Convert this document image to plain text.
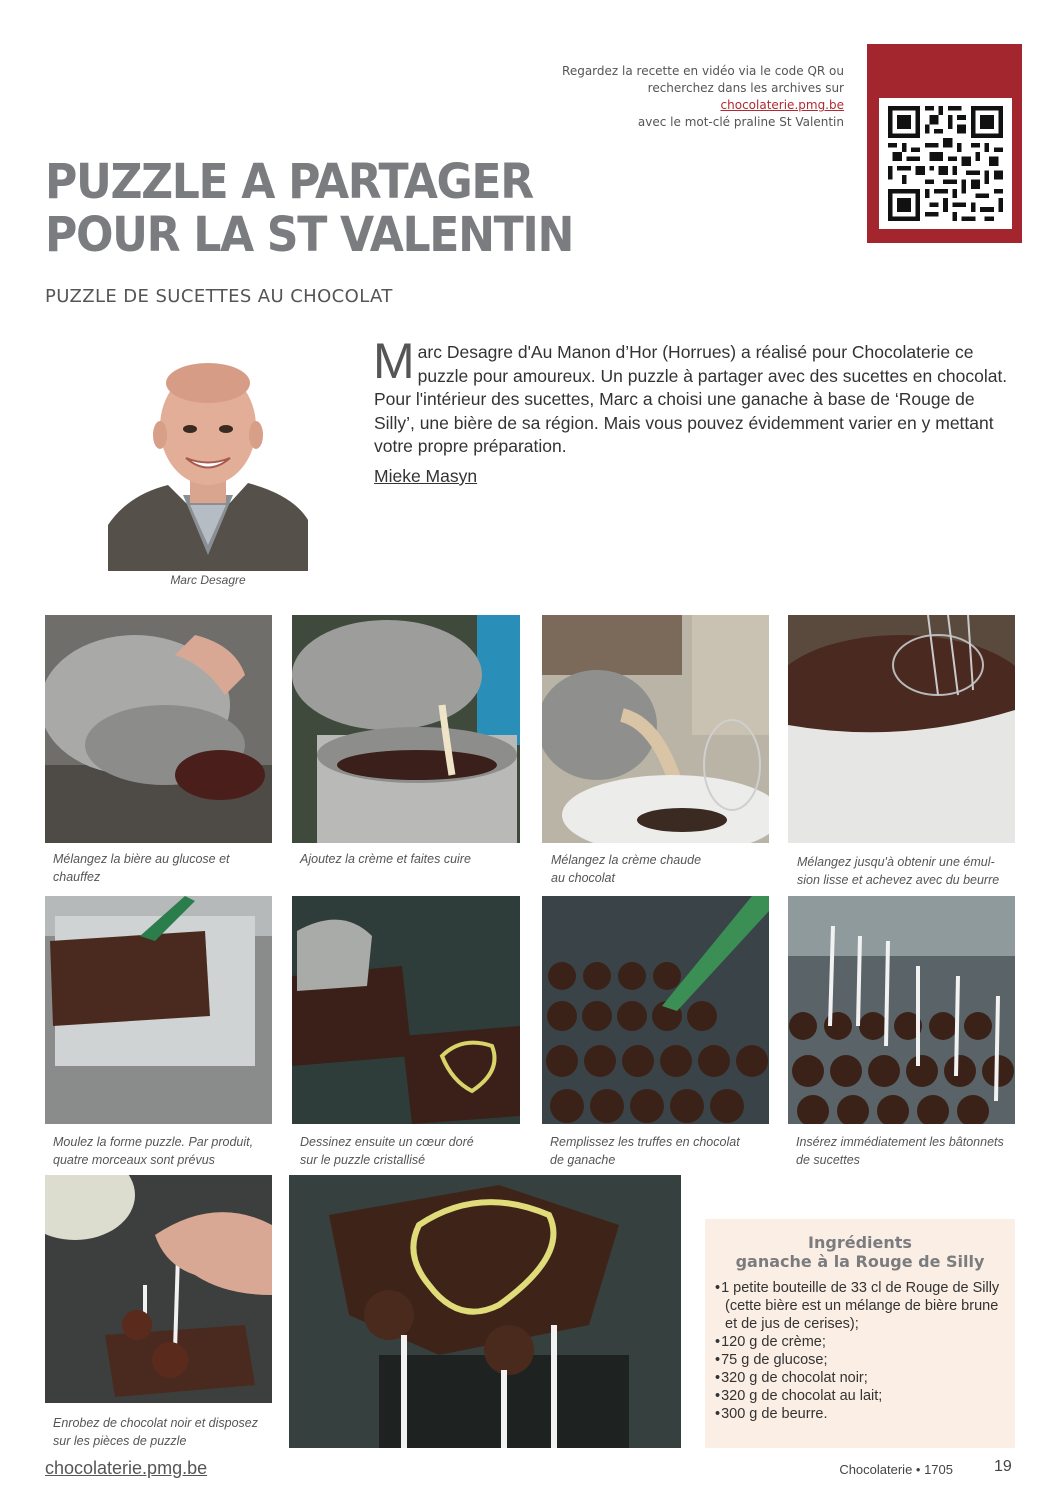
Regardez la recette en vidéo via le code QR ou
recherchez dans les archives sur
chocolaterie.pmg.be
avec le mot-clé praline St Valentin
PUZZLE A PARTAGER
POUR LA ST VALENTIN
PUZZLE DE SUCETTES AU CHOCOLAT
Marc Desagre
M arc Desagre d'Au Manon d’Hor (Horrues) a réalisé pour Chocolaterie ce puzzle pour amoureux. Un puzzle à partager avec des sucettes en chocolat. Pour l'intérieur des sucettes, Marc a choisi une ganache à base de ‘Rouge de Silly’, une bière de sa région. Mais vous pouvez évidemment varier en y mettant votre propre préparation.
Mieke Masyn
Mélangez la bière au glucose et
chauffez
Ajoutez la crème et faites cuire	Mélangez la crème chaude
au chocolat
Mélangez jusqu'à obtenir une émul-
sion lisse et achevez avec du beurre
Moulez la forme puzzle. Par produit,
quatre morceaux sont prévus
Dessinez ensuite un cœur doré
sur le puzzle cristallisé
Remplissez les truffes en chocolat
de ganache
Insérez immédiatement les bâtonnets
de sucettes
Enrobez de chocolat noir et disposez
sur les pièces de puzzle
Ingrédients
ganache à la Rouge de Silly
• 1 petite bouteille de 33 cl de Rouge de Silly (cette bière est un mélange de bière brune et de jus de cerises);
• 120 g de crème;
• 75 g de glucose;
• 320 g de chocolat noir;
• 320 g de chocolat au lait;
• 300 g de beurre.
chocolaterie.pmg.be	Chocolaterie • 1705	19
